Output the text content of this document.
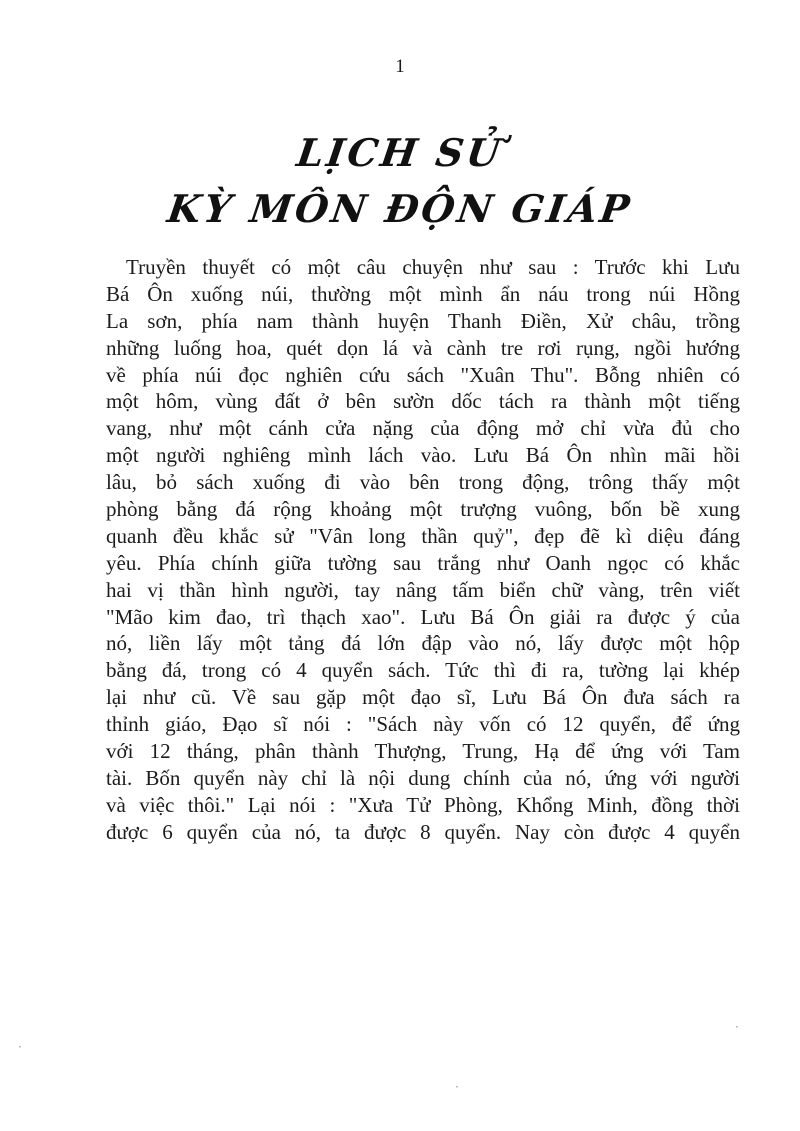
1
LỊCH SỬ
KỲ MÔN ĐỘN GIÁP
Truyền thuyết có một câu chuyện như sau : Trước khi Lưu
Bá Ôn xuống núi, thường một mình ẩn náu trong núi Hồng
La sơn, phía nam thành huyện Thanh Điền, Xử châu, trồng
những luống hoa, quét dọn lá và cành tre rơi rụng, ngồi hướng
về phía núi đọc nghiên cứu sách "Xuân Thu". Bỗng nhiên có
một hôm, vùng đất ở bên sườn dốc tách ra thành một tiếng
vang, như một cánh cửa nặng của động mở chỉ vừa đủ cho
một người nghiêng mình lách vào. Lưu Bá Ôn nhìn mãi hồi
lâu, bỏ sách xuống đi vào bên trong động, trông thấy một
phòng bằng đá rộng khoảng một trượng vuông, bốn bề xung
quanh đều khắc sử "Vân long thần quỷ", đẹp đẽ kì diệu đáng
yêu. Phía chính giữa tường sau trắng như Oanh ngọc có khắc
hai vị thần hình người, tay nâng tấm biển chữ vàng, trên viết
"Mão kim đao, trì thạch xao". Lưu Bá Ôn giải ra được ý của
nó, liền lấy một tảng đá lớn đập vào nó, lấy được một hộp
bằng đá, trong có 4 quyển sách. Tức thì đi ra, tường lại khép
lại như cũ. Về sau gặp một đạo sĩ, Lưu Bá Ôn đưa sách ra
thỉnh giáo, Đạo sĩ nói : "Sách này vốn có 12 quyển, để ứng
với 12 tháng, phân thành Thượng, Trung, Hạ để ứng với Tam
tài. Bốn quyển này chỉ là nội dung chính của nó, ứng với người
và việc thôi." Lại nói : "Xưa Tử Phòng, Khổng Minh, đồng thời
được 6 quyển của nó, ta được 8 quyển. Nay còn được 4 quyển
·
·
·
